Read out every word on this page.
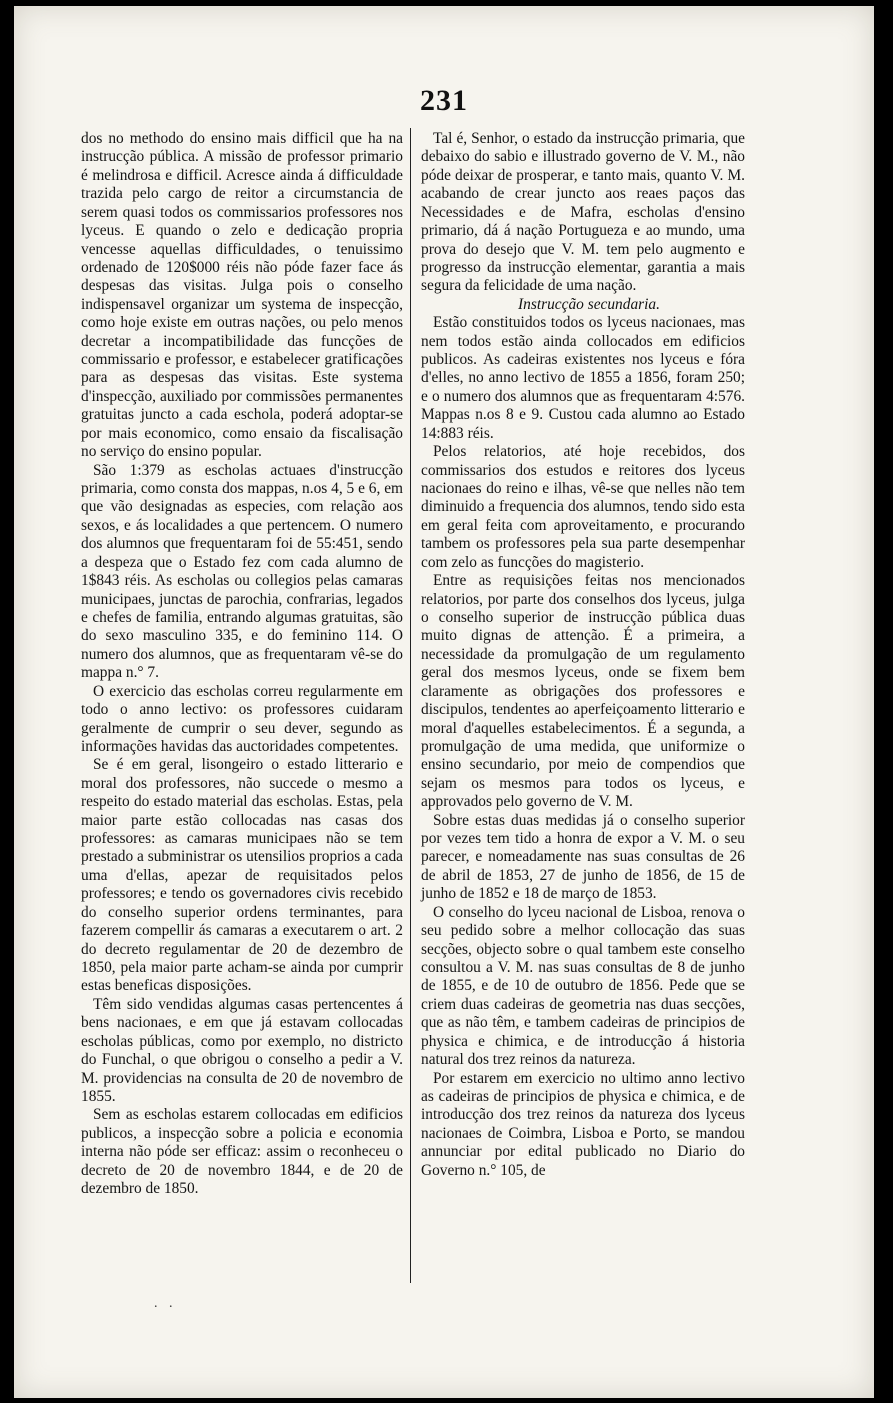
231

dos no methodo do ensino mais difficil que ha na instrucção pública. A missão de professor primario é melindrosa e difficil. Acresce ainda á difficuldade trazida pelo cargo de reitor a circumstancia de serem quasi todos os commissarios professores nos lyceus. E quando o zelo e dedicação propria vencesse aquellas difficuldades, o tenuissimo ordenado de 120$000 réis não póde fazer face ás despesas das visitas. Julga pois o conselho indispensavel organizar um systema de inspecção, como hoje existe em outras nações, ou pelo menos decretar a incompatibilidade das funcções de commissario e professor, e estabelecer gratificações para as despesas das visitas. Este systema d'inspecção, auxiliado por commissões permanentes gratuitas juncto a cada escholа, poderá adoptar-se por mais economico, como ensaio da fiscalisação no serviço do ensino popular.

São 1:379 as escholas actuaes d'instrucção primaria, como consta dos mappas, n.os 4, 5 e 6, em que vão designadas as especies, com relação aos sexos, e ás localidades a que pertencem. O numero dos alumnos que frequentaram foi de 55:451, sendo a despeza que o Estado fez com cada alumno de 1$843 réis. As escholas ou collegios pelas camaras municipaes, junctas de parochia, confrarias, legados e chefes de familia, entrando algumas gratuitas, são do sexo masculino 335, e do feminino 114. O numero dos alumnos, que as frequentaram vê-se do mappa n.° 7.

O exercicio das escholas correu regularmente em todo o anno lectivo: os professores cuidaram geralmente de cumprir o seu dever, segundo as informações havidas das auctoridades competentes.

Se é em geral, lisongeiro o estado litterario e moral dos professores, não succede o mesmo a respeito do estado material das escholas. Estas, pela maior parte estão collocadas nas casas dos professores: as camaras municipaes não se tem prestado a subministrar os utensilios proprios a cada uma d'ellas, apezar de requisitados pelos professores; e tendo os governadores civis recebido do conselho superior ordens terminantes, para fazerem compellir ás camaras a executarem o art. 2 do decreto regulamentar de 20 de dezembro de 1850, pela maior parte acham-se ainda por cumprir estas beneficas disposições.

Têm sido vendidas algumas casas pertencentes á bens nacionaes, e em que já estavam collocadas escholas públicas, como por exemplo, no districto do Funchal, o que obrigou o conselho a pedir a V. M. providencias na consulta de 20 de novembro de 1855.

Sem as escholas estarem collocadas em edificios publicos, a inspecção sobre a policia e economia interna não póde ser efficaz: assim o reconheceu o decreto de 20 de novembro 1844, e de 20 de dezembro de 1850.

Tal é, Senhor, o estado da instrucção primaria, que debaixo do sabio e illustrado governo de V. M., não póde deixar de prosperar, e tanto mais, quanto V. M. acabando de crear juncto aos reaes paços das Necessidades e de Mafra, escholas d'ensino primario, dá á nação Portugueza e ao mundo, uma prova do desejo que V. M. tem pelo augmento e progresso da instrucção elementar, garantia a mais segura da felicidade de uma nação.

Instrucção secundaria.

Estão constituidos todos os lyceus nacionaes, mas nem todos estão ainda collocados em edificios publicos. As cadeiras existentes nos lyceus e fóra d'elles, no anno lectivo de 1855 a 1856, foram 250; e o numero dos alumnos que as frequentaram 4:576. Mappas n.os 8 e 9. Custou cada alumno ao Estado 14:883 réis.

Pelos relatorios, até hoje recebidos, dos commissarios dos estudos e reitores dos lyceus nacionaes do reino e ilhas, vê-se que nelles não tem diminuido a frequencia dos alumnos, tendo sido esta em geral feita com aproveitamento, e procurando tambem os professores pela sua parte desempenhar com zelo as funcções do magisterio.

Entre as requisições feitas nos mencionados relatorios, por parte dos conselhos dos lyceus, julga o conselho superior de instrucção pública duas muito dignas de attenção. É a primeira, a necessidade da promulgação de um regulamento geral dos mesmos lyceus, onde se fixem bem claramente as obrigações dos professores e discipulos, tendentes ao aperfeiçoamento litterario e moral d'aquelles estabelecimentos. É a segunda, a promulgação de uma medida, que uniformize o ensino secundario, por meio de compendios que sejam os mesmos para todos os lyceus, e approvados pelo governo de V. M.

Sobre estas duas medidas já o conselho superior por vezes tem tido a honra de expor a V. M. o seu parecer, e nomeadamente nas suas consultas de 26 de abril de 1853, 27 de junho de 1856, de 15 de junho de 1852 e 18 de março de 1853.

O conselho do lyceu nacional de Lisboa, renova o seu pedido sobre a melhor collocação das suas secções, objecto sobre o qual tambem este conselho consultou a V. M. nas suas consultas de 8 de junho de 1855, e de 10 de outubro de 1856. Pede que se criem duas cadeiras de geometria nas duas secções, que as não têm, e tambem cadeiras de principios de physica e chimica, e de introducção á historia natural dos trez reinos da natureza.

Por estarem em exercicio no ultimo anno lectivo as cadeiras de principios de physica e chimica, e de introducção dos trez reinos da natureza dos lyceus nacionaes de Coimbra, Lisboa e Porto, se mandou annunciar por edital publicado no Diario do Governo n.° 105, de

. .
